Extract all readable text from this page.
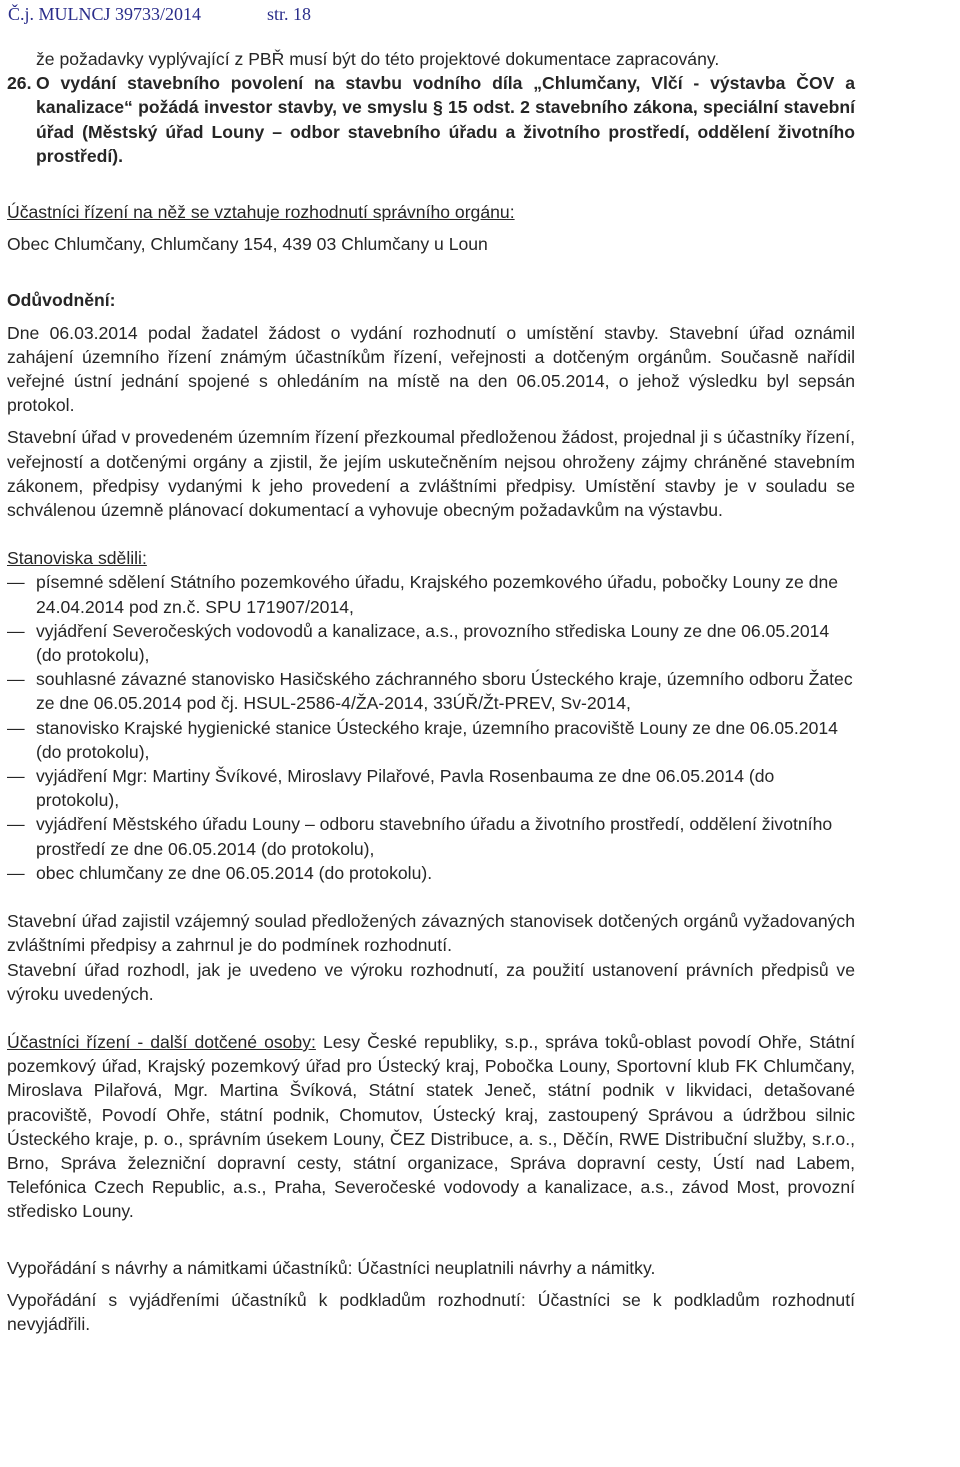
Č.j. MULNCJ 39733/2014	str. 18

že požadavky vyplývající z PBŘ musí být do této projektové dokumentace zapracovány.

26. O vydání stavebního povolení na stavbu vodního díla „Chlumčany, Vlčí - výstavba ČOV a kanalizace“ požádá investor stavby, ve smyslu § 15 odst. 2 stavebního zákona, speciální stavební úřad (Městský úřad Louny – odbor stavebního úřadu a životního prostředí, oddělení životního prostředí).

Účastníci řízení na něž se vztahuje rozhodnutí správního orgánu:

Obec Chlumčany, Chlumčany 154, 439 03 Chlumčany u Loun

Odůvodnění:

Dne 06.03.2014 podal žadatel žádost o vydání rozhodnutí o umístění stavby. Stavební úřad oznámil zahájení územního řízení známým účastníkům řízení, veřejnosti a dotčeným orgánům. Současně nařídil veřejné ústní jednání spojené s ohledáním na místě na den 06.05.2014, o jehož výsledku byl sepsán protokol.

Stavební úřad v provedeném územním řízení přezkoumal předloženou žádost, projednal ji s účastníky řízení, veřejností a dotčenými orgány a zjistil, že jejím uskutečněním nejsou ohroženy zájmy chráněné stavebním zákonem, předpisy vydanými k jeho provedení a zvláštními předpisy. Umístění stavby je v souladu se schválenou územně plánovací dokumentací a vyhovuje obecným požadavkům na výstavbu.

Stanoviska sdělili:

— písemné sdělení Státního pozemkového úřadu, Krajského pozemkového úřadu, pobočky Louny ze dne 24.04.2014 pod zn.č. SPU 171907/2014,
— vyjádření Severočeských vodovodů a kanalizace, a.s., provozního střediska Louny ze dne 06.05.2014 (do protokolu),
— souhlasné závazné stanovisko Hasičského záchranného sboru Ústeckého kraje, územního odboru Žatec ze dne 06.05.2014 pod čj. HSUL-2586-4/ŽA-2014, 33ÚŘ/Žt-PREV, Sv-2014,
— stanovisko Krajské hygienické stanice Ústeckého kraje, územního pracoviště Louny ze dne 06.05.2014 (do protokolu),
— vyjádření Mgr: Martiny Švíkové, Miroslavy Pilařové, Pavla Rosenbauma ze dne 06.05.2014 (do protokolu),
— vyjádření Městského úřadu Louny – odboru stavebního úřadu a životního prostředí, oddělení životního prostředí ze dne 06.05.2014 (do protokolu),
— obec chlumčany ze dne 06.05.2014 (do protokolu).

Stavební úřad zajistil vzájemný soulad předložených závazných stanovisek dotčených orgánů vyžadovaných zvláštními předpisy a zahrnul je do podmínek rozhodnutí.

Stavební úřad rozhodl, jak je uvedeno ve výroku rozhodnutí, za použití ustanovení právních předpisů ve výroku uvedených.

Účastníci řízení - další dotčené osoby: Lesy České republiky, s.p., správa toků-oblast povodí Ohře, Státní pozemkový úřad, Krajský pozemkový úřad pro Ústecký kraj, Pobočka Louny, Sportovní klub FK Chlumčany, Miroslava Pilařová, Mgr. Martina Švíková, Státní statek Jeneč, státní podnik v likvidaci, detašované pracoviště, Povodí Ohře, státní podnik, Chomutov, Ústecký kraj, zastoupený Správou a údržbou silnic Ústeckého kraje, p. o., správním úsekem Louny, ČEZ Distribuce, a. s., Děčín, RWE Distribuční služby, s.r.o., Brno, Správa železniční dopravní cesty, státní organizace, Správa dopravní cesty, Ústí nad Labem, Telefónica Czech Republic, a.s., Praha, Severočeské vodovody a kanalizace, a.s., závod Most, provozní středisko Louny.

Vypořádání s návrhy a námitkami účastníků: Účastníci neuplatnili návrhy a námitky.

Vypořádání s vyjádřeními účastníků k podkladům rozhodnutí: Účastníci se k podkladům rozhodnutí nevyjádřili.
